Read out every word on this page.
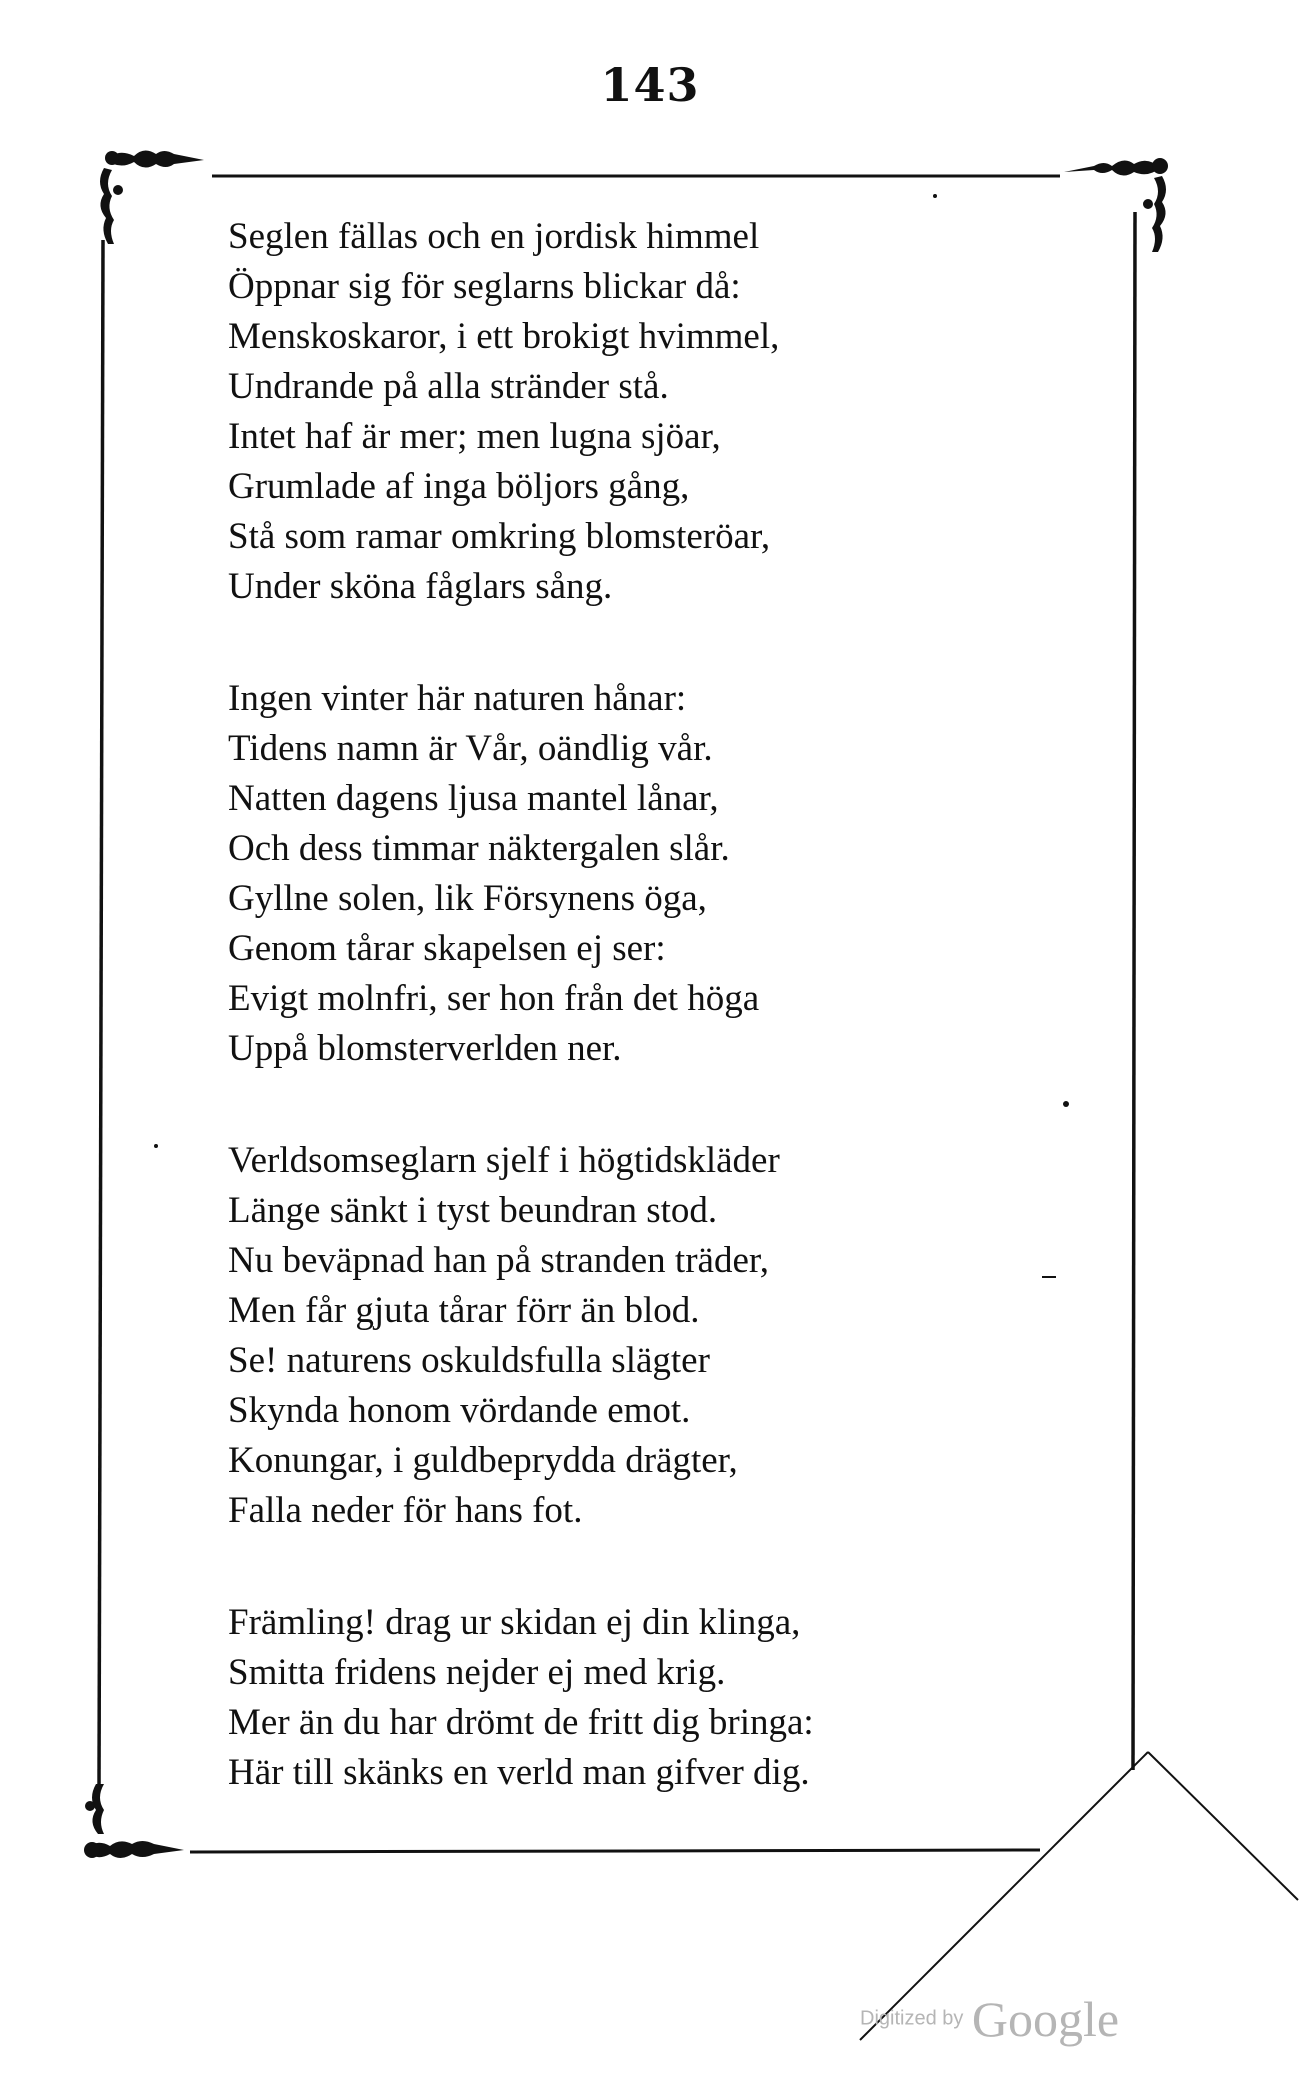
143
Seglen fällas och en jordisk himmel
Öppnar sig för seglarns blickar då:
Menskoskaror, i ett brokigt hvimmel,
Undrande på alla stränder stå.
Intet haf är mer; men lugna sjöar,
Grumlade af inga böljors gång,
Stå som ramar omkring blomsteröar,
Under sköna fåglars sång.
Ingen vinter här naturen hånar:
Tidens namn är Vår, oändlig vår.
Natten dagens ljusa mantel lånar,
Och dess timmar näktergalen slår.
Gyllne solen, lik Försynens öga,
Genom tårar skapelsen ej ser:
Evigt molnfri, ser hon från det höga
Uppå blomsterverlden ner.
Verldsomseglarn sjelf i högtidskläder
Länge sänkt i tyst beundran stod.
Nu beväpnad han på stranden träder,
Men får gjuta tårar förr än blod.
Se! naturens oskuldsfulla slägter
Skynda honom vördande emot.
Konungar, i guldbeprydda drägter,
Falla neder för hans fot.
Främling! drag ur skidan ej din klinga,
Smitta fridens nejder ej med krig.
Mer än du har drömt de fritt dig bringa:
Här till skänks en verld man gifver dig.
Digitized by Google
